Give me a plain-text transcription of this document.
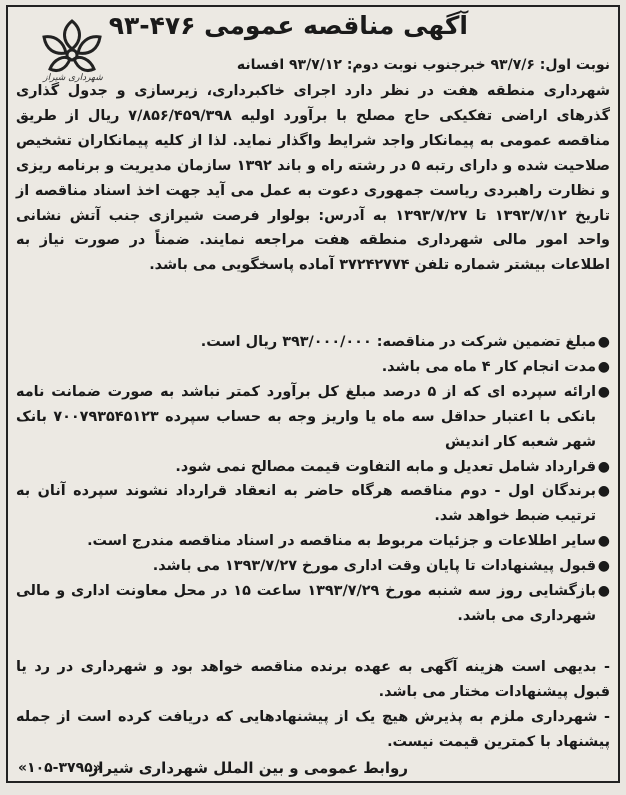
شهرداری شیراز
آگهی مناقصه عمومی ۴۷۶-۹۳

نوبت اول: ۹۳/۷/۶ خبرجنوب نوبت دوم: ۹۳/۷/۱۲ افسانه

شهرداری منطقه هفت در نظر دارد اجرای خاکبرداری، زیرسازی و جدول گذاری گذرهای اراضی تفکیکی حاج مصلح با برآورد اولیه ۷/۸۵۶/۴۵۹/۳۹۸ ریال از طریق مناقصه عمومی به پیمانکار واجد شرایط واگذار نماید. لذا از کلیه پیمانکاران تشخیص صلاحیت شده و دارای رتبه ۵ در رشته راه و باند ۱۳۹۲ سازمان مدیریت و برنامه ریزی و نظارت راهبردی ریاست جمهوری دعوت به عمل می آید جهت اخذ اسناد مناقصه از تاریخ ۱۳۹۳/۷/۱۲ تا ۱۳۹۳/۷/۲۷ به آدرس: بولوار فرصت شیرازی جنب آتش نشانی واحد امور مالی شهرداری منطقه هفت مراجعه نمایند. ضمناً در صورت نیاز به اطلاعات بیشتر شماره تلفن ۳۷۲۴۲۷۷۴ آماده پاسخگویی می باشد.

●
مبلغ تضمین شرکت در مناقصه: ۳۹۳/۰۰۰/۰۰۰ ریال است.
●
مدت انجام کار ۴ ماه می باشد.
●
ارائه سپرده ای که از ۵ درصد مبلغ کل برآورد کمتر نباشد به صورت ضمانت نامه بانکی با اعتبار حداقل سه ماه یا واریز وجه به حساب سپرده ۷۰۰۷۹۳۵۴۵۱۲۳ بانک شهر شعبه کار اندیش
●
قرارداد شامل تعدیل و مابه التفاوت قیمت مصالح نمی شود.
●
برندگان اول - دوم مناقصه هرگاه حاضر به انعقاد قرارداد نشوند سپرده آنان به ترتیب ضبط خواهد شد.
●
سایر اطلاعات و جزئیات مربوط به مناقصه در اسناد مناقصه مندرج است.
●
قبول پیشنهادات تا پایان وقت اداری مورخ ۱۳۹۳/۷/۲۷ می باشد.
●
بازگشایی روز سه شنبه مورخ ۱۳۹۳/۷/۲۹ ساعت ۱۵ در محل معاونت اداری و مالی شهرداری می باشد.
- بدیهی است هزینه آگهی به عهده برنده مناقصه خواهد بود و شهرداری در رد یا قبول پیشنهادات مختار می باشد.
- شهرداری ملزم به پذیرش هیچ یک از پیشنهادهایی که دریافت کرده است از جمله پیشنهاد با کمترین قیمت نیست.
روابط عمومی و بین الملل شهرداری شیراز
«۱۰۵-۳۷۹۵»
